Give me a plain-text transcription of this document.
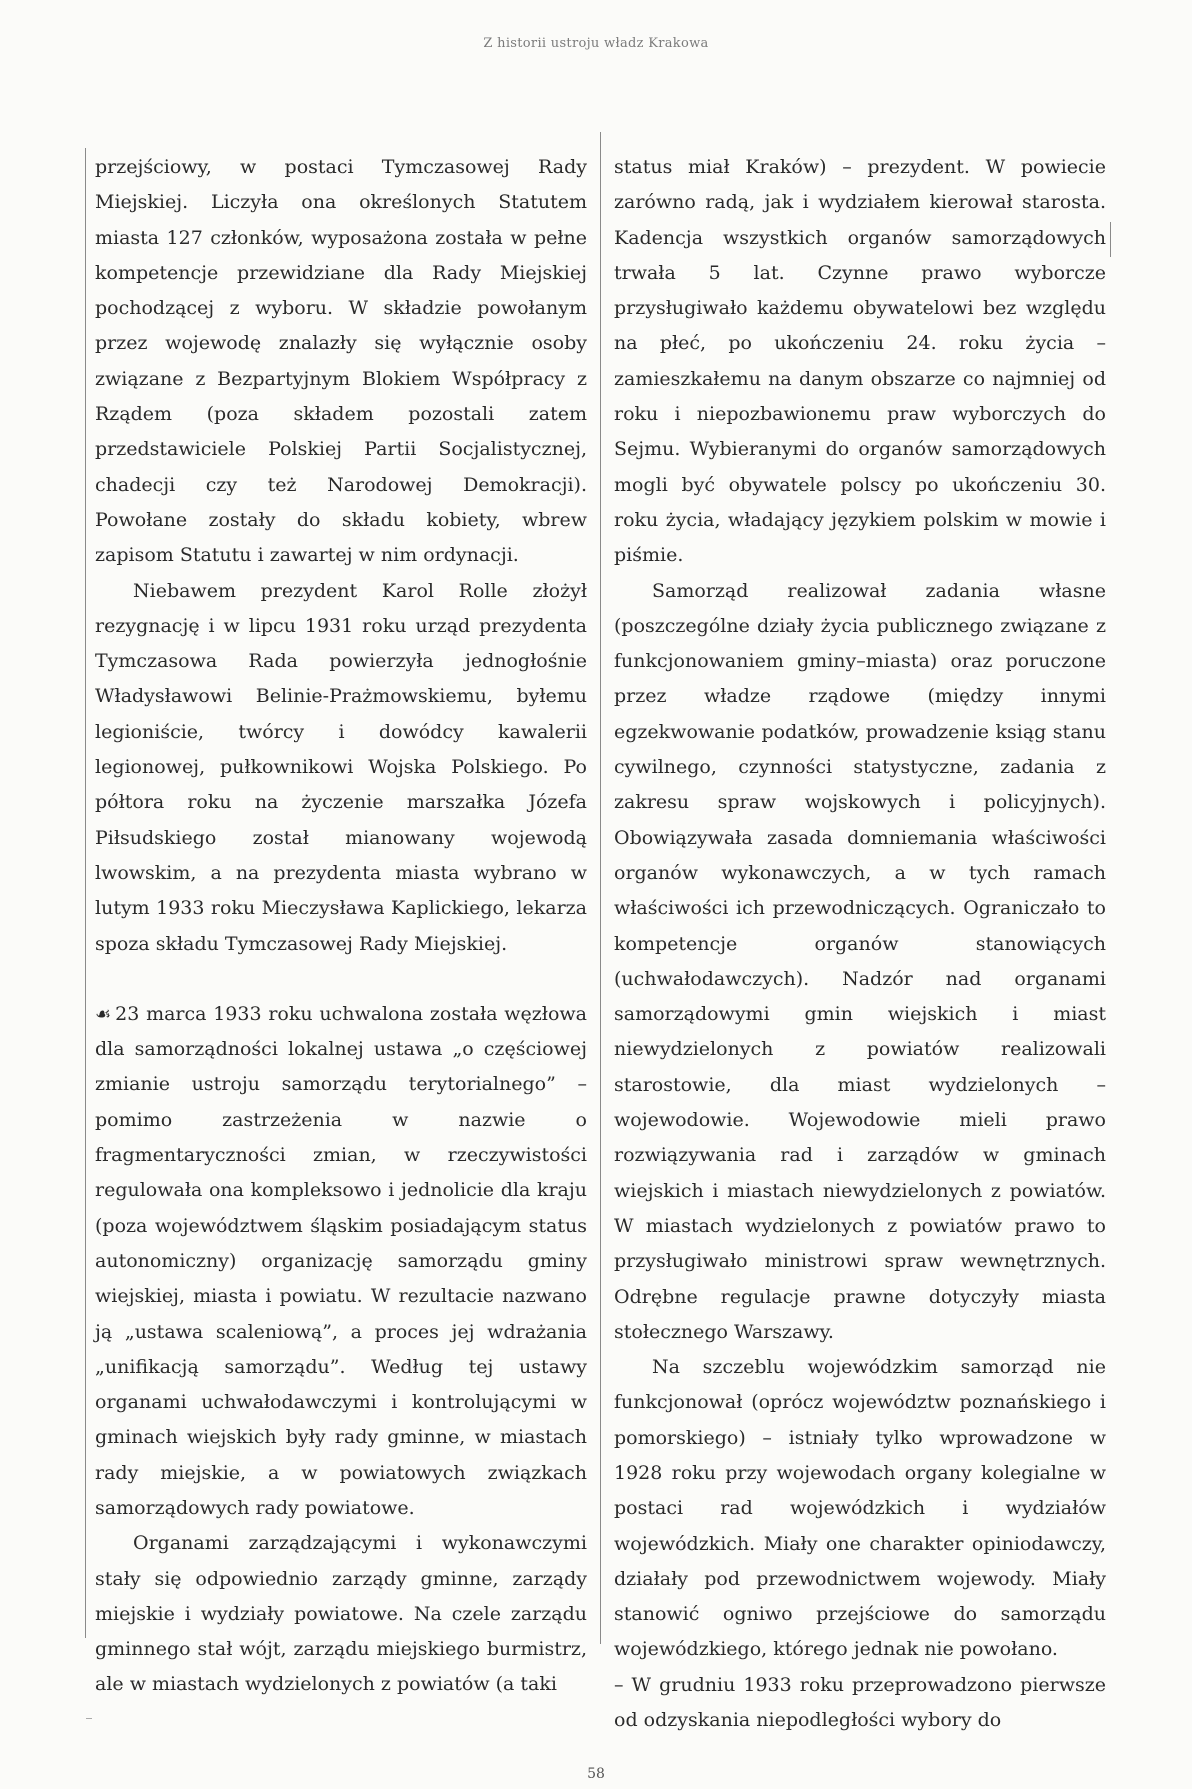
Z historii ustroju władz Krakowa

przejściowy, w postaci Tymczasowej Rady Miejskiej. Liczyła ona określonych Statutem miasta 127 członków, wyposażona została w pełne kompetencje przewidziane dla Rady Miejskiej pochodzącej z wyboru. W składzie powołanym przez wojewodę znalazły się wyłącznie osoby związane z Bezpartyjnym Blokiem Współpracy z Rządem (poza składem pozostali zatem przedstawiciele Polskiej Partii Socjalistycznej, chadecji czy też Narodowej Demokracji). Powołane zostały do składu kobiety, wbrew zapisom Statutu i zawartej w nim ordynacji.

Niebawem prezydent Karol Rolle złożył rezygnację i w lipcu 1931 roku urząd prezydenta Tymczasowa Rada powierzyła jednogłośnie Władysławowi Belinie-Prażmowskiemu, byłemu legioniście, twórcy i dowódcy kawalerii legionowej, pułkownikowi Wojska Polskiego. Po półtora roku na życzenie marszałka Józefa Piłsudskiego został mianowany wojewodą lwowskim, a na prezydenta miasta wybrano w lutym 1933 roku Mieczysława Kaplickiego, lekarza spoza składu Tymczasowej Rady Miejskiej.

☙ 23 marca 1933 roku uchwalona została węzłowa dla samorządności lokalnej ustawa „o częściowej zmianie ustroju samorządu terytorialnego” – pomimo zastrzeżenia w nazwie o fragmentaryczności zmian, w rzeczywistości regulowała ona kompleksowo i jednolicie dla kraju (poza województwem śląskim posiadającym status autonomiczny) organizację samorządu gminy wiejskiej, miasta i powiatu. W rezultacie nazwano ją „ustawa scaleniową”, a proces jej wdrażania „unifikacją samorządu”. Według tej ustawy organami uchwałodawczymi i kontrolującymi w gminach wiejskich były rady gminne, w miastach rady miejskie, a w powiatowych związkach samorządowych rady powiatowe.

Organami zarządzającymi i wykonawczymi stały się odpowiednio zarządy gminne, zarządy miejskie i wydziały powiatowe. Na czele zarządu gminnego stał wójt, zarządu miejskiego burmistrz, ale w miastach wydzielonych z powiatów (a taki

status miał Kraków) – prezydent. W powiecie zarówno radą, jak i wydziałem kierował starosta. Kadencja wszystkich organów samorządowych trwała 5 lat. Czynne prawo wyborcze przysługiwało każdemu obywatelowi bez względu na płeć, po ukończeniu 24. roku życia – zamieszkałemu na danym obszarze co najmniej od roku i niepozbawionemu praw wyborczych do Sejmu. Wybieranymi do organów samorządowych mogli być obywatele polscy po ukończeniu 30. roku życia, władający językiem polskim w mowie i piśmie.

Samorząd realizował zadania własne (poszczególne działy życia publicznego związane z funkcjonowaniem gminy–miasta) oraz poruczone przez władze rządowe (między innymi egzekwowanie podatków, prowadzenie ksiąg stanu cywilnego, czynności statystyczne, zadania z zakresu spraw wojskowych i policyjnych). Obowiązywała zasada domniemania właściwości organów wykonawczych, a w tych ramach właściwości ich przewodniczących. Ograniczało to kompetencje organów stanowiących (uchwałodawczych). Nadzór nad organami samorządowymi gmin wiejskich i miast niewydzielonych z powiatów realizowali starostowie, dla miast wydzielonych – wojewodowie. Wojewodowie mieli prawo rozwiązywania rad i zarządów w gminach wiejskich i miastach niewydzielonych z powiatów. W miastach wydzielonych z powiatów prawo to przysługiwało ministrowi spraw wewnętrznych. Odrębne regulacje prawne dotyczyły miasta stołecznego Warszawy.

Na szczeblu wojewódzkim samorząd nie funkcjonował (oprócz województw poznańskiego i pomorskiego) – istniały tylko wprowadzone w 1928 roku przy wojewodach organy kolegialne w postaci rad wojewódzkich i wydziałów wojewódzkich. Miały one charakter opiniodawczy, działały pod przewodnictwem wojewody. Miały stanowić ogniwo przejściowe do samorządu wojewódzkiego, którego jednak nie powołano.

– W grudniu 1933 roku przeprowadzono pierwsze od odzyskania niepodległości wybory do

58
